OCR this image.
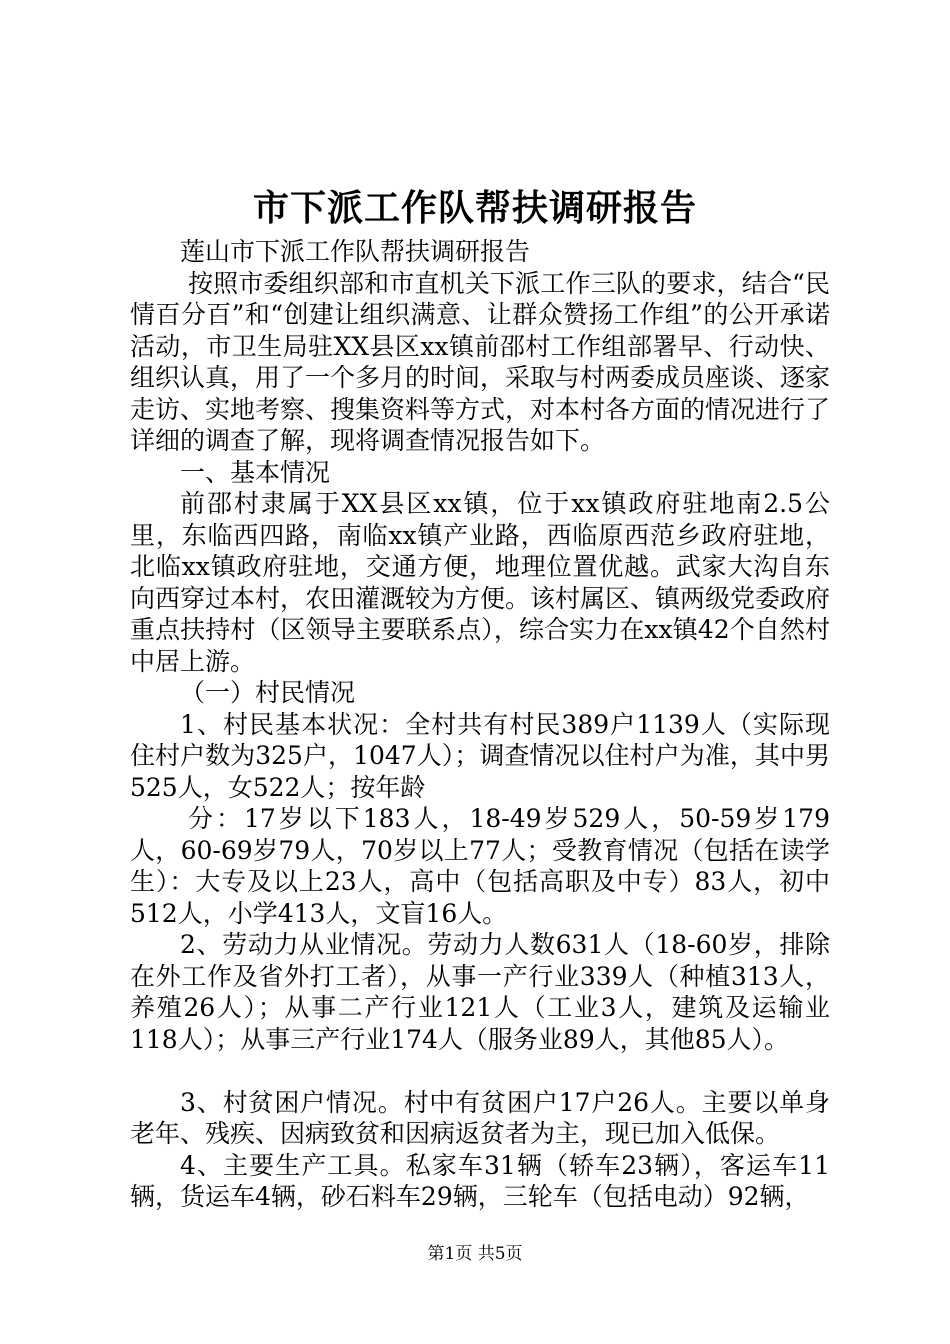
市下派工作队帮扶调研报告

莲山市下派工作队帮扶调研报告

按照市委组织部和市直机关下派工作三队的要求，结合“民情百分百”和“创建让组织满意、让群众赞扬工作组”的公开承诺活动，市卫生局驻XX县区xx镇前邵村工作组部署早、行动快、组织认真，用了一个多月的时间，采取与村两委成员座谈、逐家走访、实地考察、搜集资料等方式，对本村各方面的情况进行了详细的调查了解，现将调查情况报告如下。

一、基本情况

前邵村隶属于XX县区xx镇，位于xx镇政府驻地南2.5公里，东临西四路，南临xx镇产业路，西临原西范乡政府驻地，北临xx镇政府驻地，交通方便，地理位置优越。武家大沟自东向西穿过本村，农田灌溉较为方便。该村属区、镇两级党委政府重点扶持村（区领导主要联系点），综合实力在xx镇42个自然村中居上游。

（一）村民情况

1、村民基本状况：全村共有村民389户1139人（实际现住村户数为325户，1047人）；调查情况以住村户为准，其中男525人，女522人；按年龄

分：17岁以下183人，18-49岁529人，50-59岁179人，60-69岁79人，70岁以上77人；受教育情况（包括在读学生）：大专及以上23人，高中（包括高职及中专）83人，初中512人，小学413人，文盲16人。

2、劳动力从业情况。劳动力人数631人（18-60岁，排除在外工作及省外打工者），从事一产行业339人（种植313人，养殖26人）；从事二产行业121人（工业3人，建筑及运输业118人）；从事三产行业174人（服务业89人，其他85人）。

3、村贫困户情况。村中有贫困户17户26人。主要以单身老年、残疾、因病致贫和因病返贫者为主，现已加入低保。

4、主要生产工具。私家车31辆（轿车23辆），客运车11辆，货运车4辆，砂石料车29辆，三轮车（包括电动）92辆，

第1页 共5页
